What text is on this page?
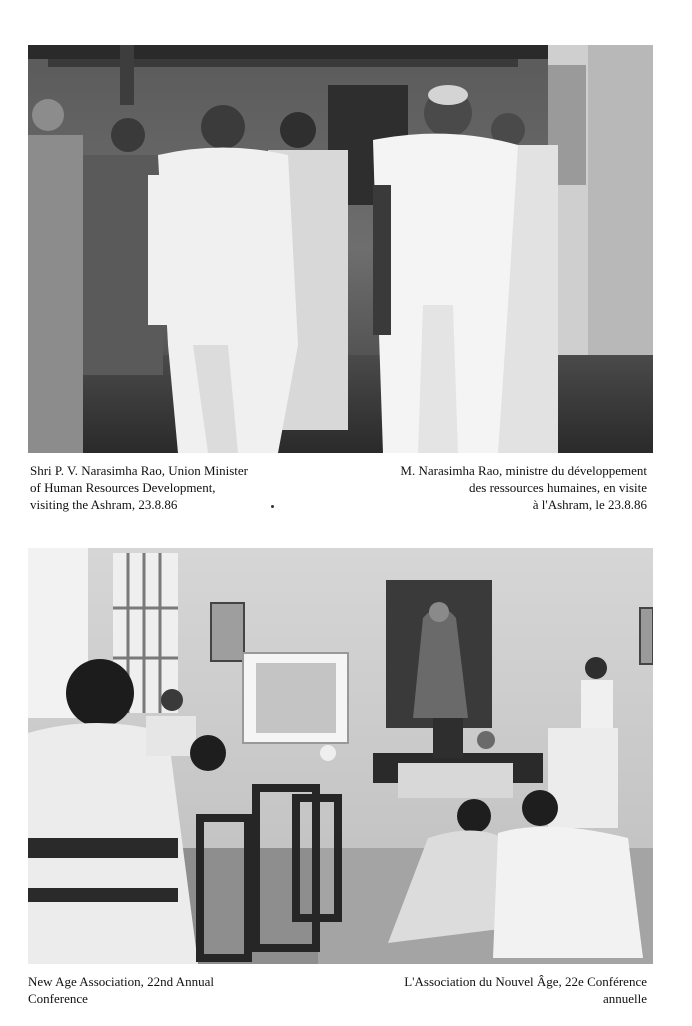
Shri P. V. Narasimha Rao, Union Minister
of Human Resources Development,
visiting the Ashram, 23.8.86
M. Narasimha Rao, ministre du développement
des ressources humaines, en visite
à l'Ashram, le 23.8.86
New Age Association, 22nd Annual
Conference
L'Association du Nouvel Âge, 22e Conférence
annuelle
